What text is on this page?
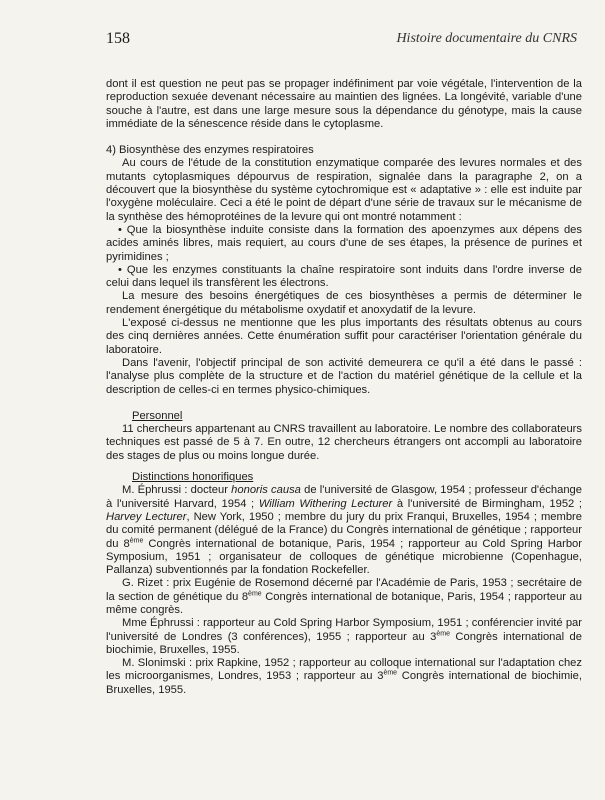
158	Histoire documentaire du CNRS

dont il est question ne peut pas se propager indéfiniment par voie végétale, l'intervention de la reproduction sexuée devenant nécessaire au maintien des lignées. La longévité, variable d'une souche à l'autre, est dans une large mesure sous la dépendance du génotype, mais la cause immédiate de la sénescence réside dans le cytoplasme.

4) Biosynthèse des enzymes respiratoires

Au cours de l'étude de la constitution enzymatique comparée des levures normales et des mutants cytoplasmiques dépourvus de respiration, signalée dans la paragraphe 2, on a découvert que la biosynthèse du système cytochromique est « adaptative » : elle est induite par l'oxygène moléculaire. Ceci a été le point de départ d'une série de travaux sur le mécanisme de la synthèse des hémoprotéines de la levure qui ont montré notamment :

• Que la biosynthèse induite consiste dans la formation des apoenzymes aux dépens des acides aminés libres, mais requiert, au cours d'une de ses étapes, la présence de purines et pyrimidines ;

• Que les enzymes constituants la chaîne respiratoire sont induits dans l'ordre inverse de celui dans lequel ils transfèrent les électrons.

La mesure des besoins énergétiques de ces biosynthèses a permis de déterminer le rendement énergétique du métabolisme oxydatif et anoxydatif de la levure.

L'exposé ci-dessus ne mentionne que les plus importants des résultats obtenus au cours des cinq dernières années. Cette énumération suffit pour caractériser l'orientation générale du laboratoire.

Dans l'avenir, l'objectif principal de son activité demeurera ce qu'il a été dans le passé : l'analyse plus complète de la structure et de l'action du matériel génétique de la cellule et la description de celles-ci en termes physico-chimiques.

Personnel

11 chercheurs appartenant au CNRS travaillent au laboratoire. Le nombre des collaborateurs techniques est passé de 5 à 7. En outre, 12 chercheurs étrangers ont accompli au laboratoire des stages de plus ou moins longue durée.

Distinctions honorifiques

M. Éphrussi : docteur honoris causa de l'université de Glasgow, 1954 ; professeur d'échange à l'université Harvard, 1954 ; William Withering Lecturer à l'université de Birmingham, 1952 ; Harvey Lecturer, New York, 1950 ; membre du jury du prix Franqui, Bruxelles, 1954 ; membre du comité permanent (délégué de la France) du Congrès international de génétique ; rapporteur du 8ème Congrès international de botanique, Paris, 1954 ; rapporteur au Cold Spring Harbor Symposium, 1951 ; organisateur de colloques de génétique microbienne (Copenhague, Pallanza) subventionnés par la fondation Rockefeller.

G. Rizet : prix Eugénie de Rosemond décerné par l'Académie de Paris, 1953 ; secrétaire de la section de génétique du 8ème Congrès international de botanique, Paris, 1954 ; rapporteur au même congrès.

Mme Éphrussi : rapporteur au Cold Spring Harbor Symposium, 1951 ; conférencier invité par l'université de Londres (3 conférences), 1955 ; rapporteur au 3ème Congrès international de biochimie, Bruxelles, 1955.

M. Slonimski : prix Rapkine, 1952 ; rapporteur au colloque international sur l'adaptation chez les microorganismes, Londres, 1953 ; rapporteur au 3ème Congrès international de biochimie, Bruxelles, 1955.
